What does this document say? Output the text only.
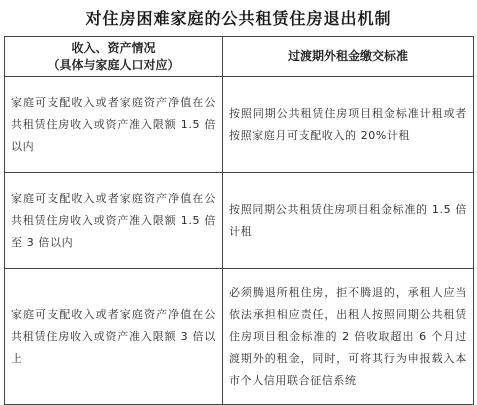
对住房困难家庭的公共租赁住房退出机制
收入、资产情况
（具体与家庭人口对应）	过渡期外租金缴交标准
家庭可支配收入或者家庭资产净值在公共租赁住房收入或资产准入限额 1.5 倍以内	按照同期公共租赁住房项目租金标准计租或者按照家庭月可支配收入的 20%计租
家庭可支配收入或者家庭资产净值在公共租赁住房收入或资产准入限额 1.5 倍至 3 倍以内	按照同期公共租赁住房项目租金标准的 1.5 倍计租
家庭可支配收入或者家庭资产净值在公共租赁住房收入或资产准入限额 3 倍以上	必须腾退所租住房，拒不腾退的，承租人应当依法承担相应责任，出租人按照同期公共租赁住房项目租金标准的 2 倍收取超出 6 个月过渡期外的租金，同时，可将其行为申报载入本市个人信用联合征信系统
